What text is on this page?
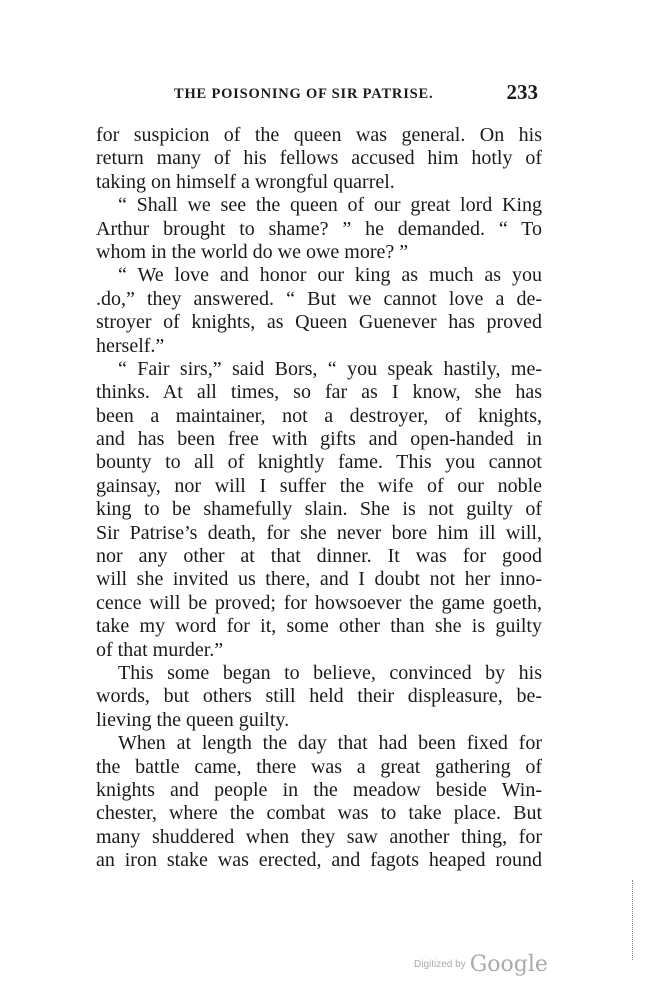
THE POISONING OF SIR PATRISE.	233
for suspicion of the queen was general. On his
return many of his fellows accused him hotly of
taking on himself a wrongful quarrel.
“ Shall we see the queen of our great lord King
Arthur brought to shame? ” he demanded. “ To
whom in the world do we owe more? ”
“ We love and honor our king as much as you
.do,” they answered. “ But we cannot love a de-
stroyer of knights, as Queen Guenever has proved
herself.”
“ Fair sirs,” said Bors, “ you speak hastily, me-
thinks. At all times, so far as I know, she has
been a maintainer, not a destroyer, of knights,
and has been free with gifts and open-handed in
bounty to all of knightly fame. This you cannot
gainsay, nor will I suffer the wife of our noble
king to be shamefully slain. She is not guilty of
Sir Patrise’s death, for she never bore him ill will,
nor any other at that dinner. It was for good
will she invited us there, and I doubt not her inno-
cence will be proved; for howsoever the game goeth,
take my word for it, some other than she is guilty
of that murder.”
This some began to believe, convinced by his
words, but others still held their displeasure, be-
lieving the queen guilty.
When at length the day that had been fixed for
the battle came, there was a great gathering of
knights and people in the meadow beside Win-
chester, where the combat was to take place. But
many shuddered when they saw another thing, for
an iron stake was erected, and fagots heaped round
Digitized by Google
